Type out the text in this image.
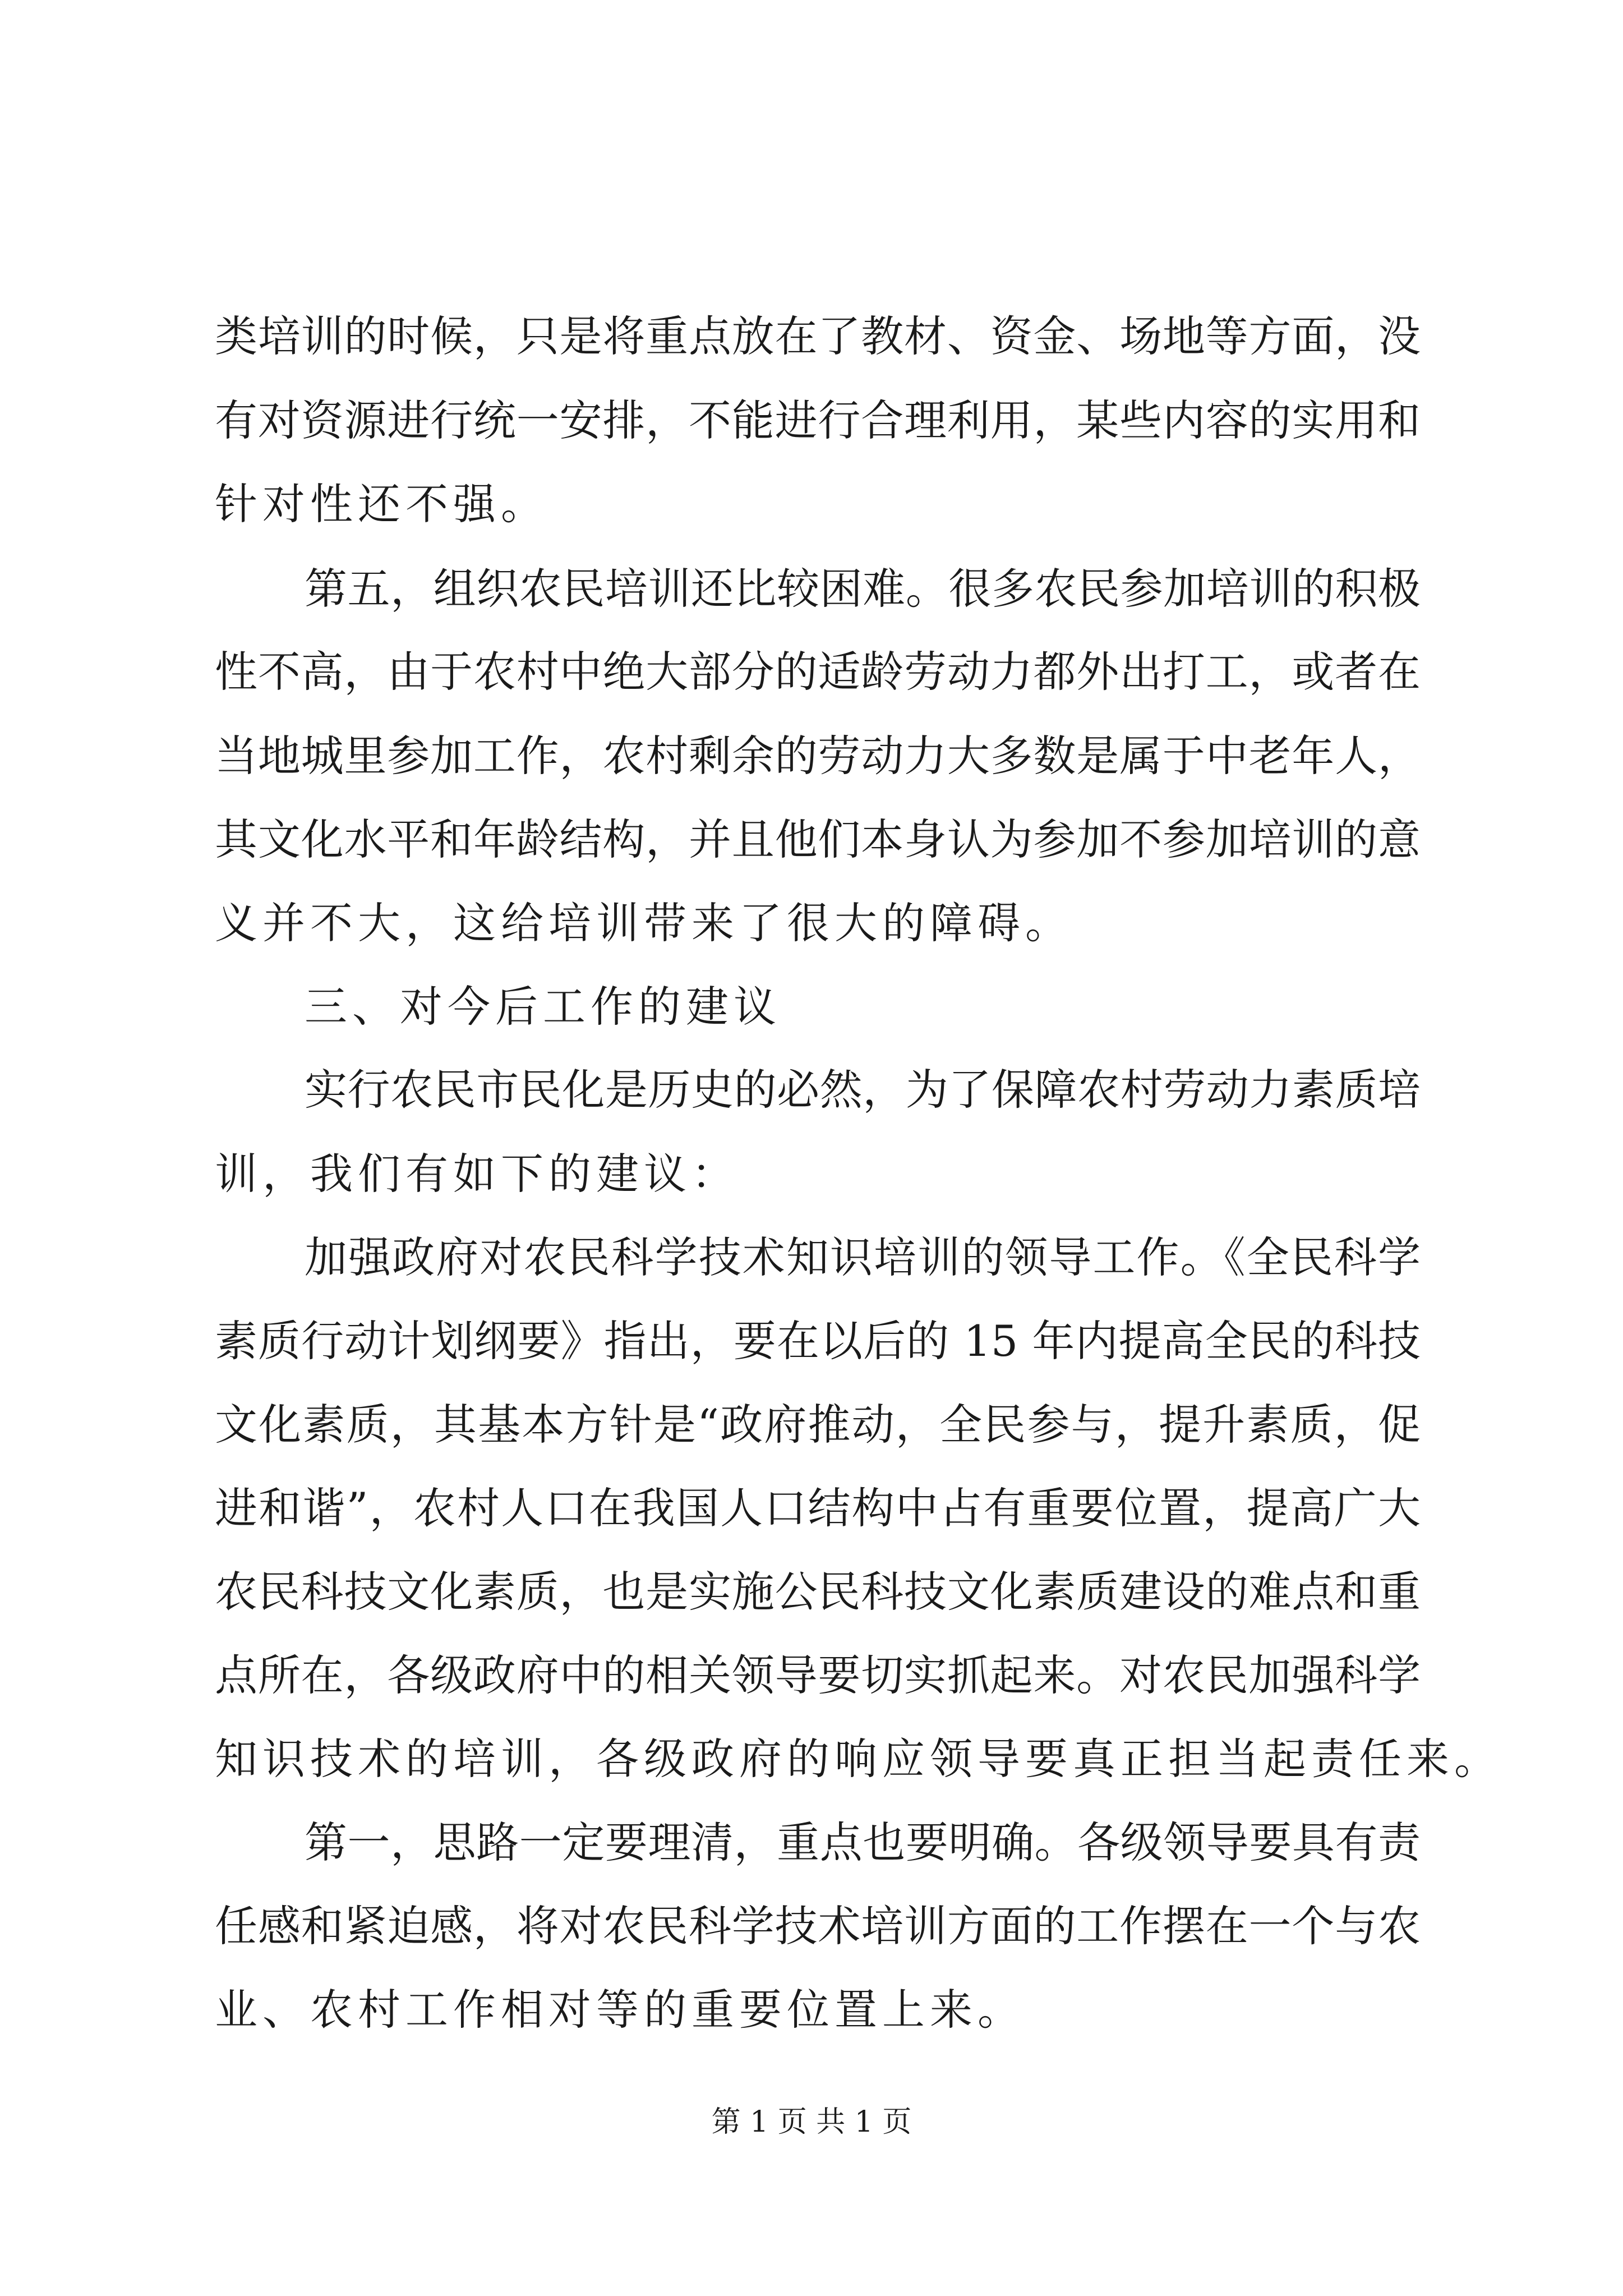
类培训的时候，只是将重点放在了教材、资金、场地等方面，没

有对资源进行统一安排，不能进行合理利用，某些内容的实用和

针对性还不强。

第五，组织农民培训还比较困难。很多农民参加培训的积极

性不高，由于农村中绝大部分的适龄劳动力都外出打工，或者在

当地城里参加工作，农村剩余的劳动力大多数是属于中老年人，

其文化水平和年龄结构，并且他们本身认为参加不参加培训的意

义并不大，这给培训带来了很大的障碍。

三、对今后工作的建议

实行农民市民化是历史的必然，为了保障农村劳动力素质培

训，我们有如下的建议：

加强政府对农民科学技术知识培训的领导工作。《全民科学

素质行动计划纲要》指出，要在以后的 15 年内提高全民的科技

文化素质，其基本方针是“政府推动，全民参与，提升素质，促

进和谐”，农村人口在我国人口结构中占有重要位置，提高广大

农民科技文化素质，也是实施公民科技文化素质建设的难点和重

点所在，各级政府中的相关领导要切实抓起来。对农民加强科学

知识技术的培训，各级政府的响应领导要真正担当起责任来。

第一，思路一定要理清，重点也要明确。各级领导要具有责

任感和紧迫感，将对农民科学技术培训方面的工作摆在一个与农

业、农村工作相对等的重要位置上来。

第 1 页 共 1 页
